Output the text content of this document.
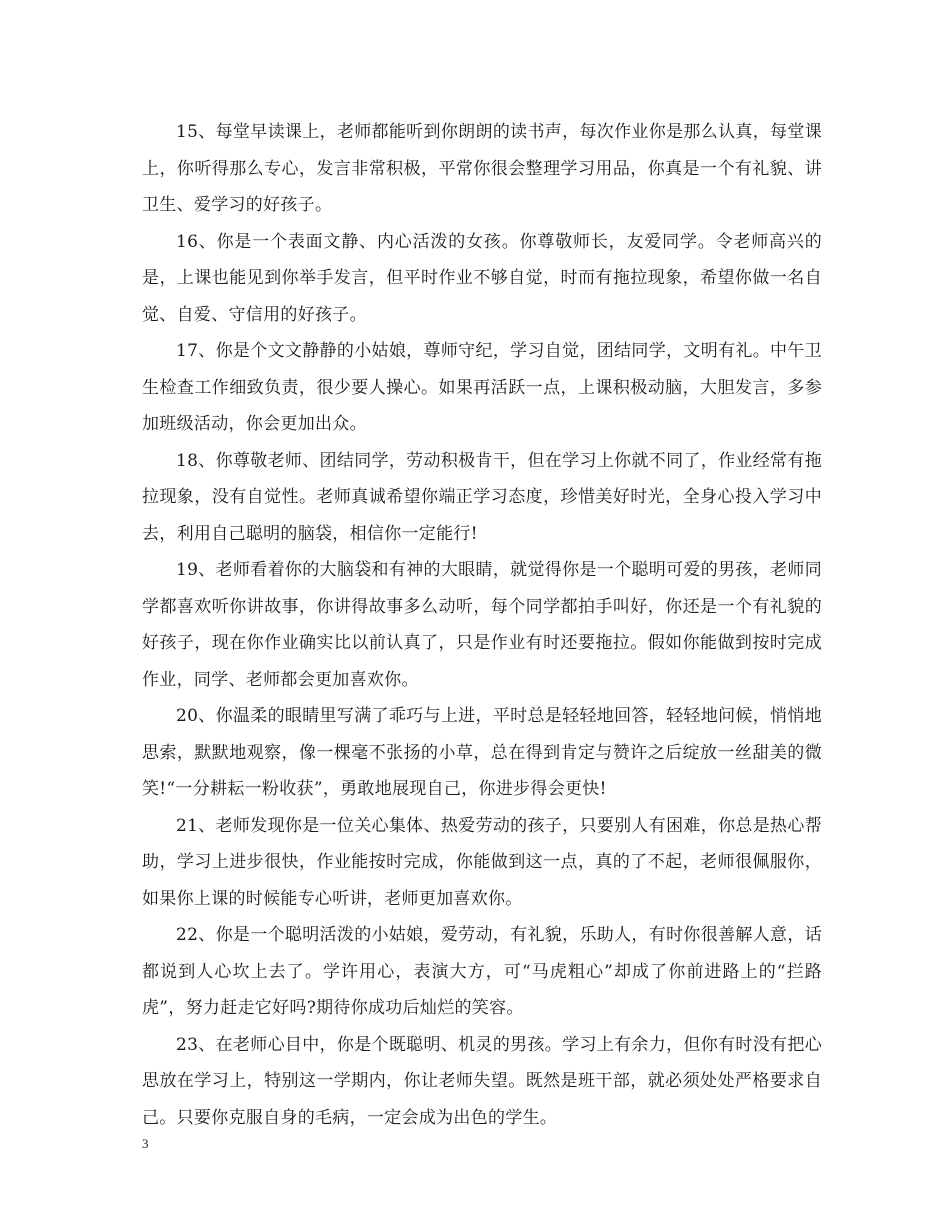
15、每堂早读课上，老师都能听到你朗朗的读书声，每次作业你是那么认真，每堂课上，你听得那么专心，发言非常积极，平常你很会整理学习用品，你真是一个有礼貌、讲卫生、爱学习的好孩子。

16、你是一个表面文静、内心活泼的女孩。你尊敬师长，友爱同学。令老师高兴的是，上课也能见到你举手发言，但平时作业不够自觉，时而有拖拉现象，希望你做一名自觉、自爱、守信用的好孩子。

17、你是个文文静静的小姑娘，尊师守纪，学习自觉，团结同学，文明有礼。中午卫生检查工作细致负责，很少要人操心。如果再活跃一点，上课积极动脑，大胆发言，多参加班级活动，你会更加出众。

18、你尊敬老师、团结同学，劳动积极肯干，但在学习上你就不同了，作业经常有拖拉现象，没有自觉性。老师真诚希望你端正学习态度，珍惜美好时光，全身心投入学习中去，利用自己聪明的脑袋，相信你一定能行!

19、老师看着你的大脑袋和有神的大眼睛，就觉得你是一个聪明可爱的男孩，老师同学都喜欢听你讲故事，你讲得故事多么动听，每个同学都拍手叫好，你还是一个有礼貌的好孩子，现在你作业确实比以前认真了，只是作业有时还要拖拉。假如你能做到按时完成作业，同学、老师都会更加喜欢你。

20、你温柔的眼睛里写满了乖巧与上进，平时总是轻轻地回答，轻轻地问候，悄悄地思索，默默地观察，像一棵毫不张扬的小草，总在得到肯定与赞许之后绽放一丝甜美的微笑!“一分耕耘一粉收获”，勇敢地展现自己，你进步得会更快!

21、老师发现你是一位关心集体、热爱劳动的孩子，只要别人有困难，你总是热心帮助，学习上进步很快，作业能按时完成，你能做到这一点，真的了不起，老师很佩服你，如果你上课的时候能专心听讲，老师更加喜欢你。

22、你是一个聪明活泼的小姑娘，爱劳动，有礼貌，乐助人，有时你很善解人意，话都说到人心坎上去了。学许用心，表演大方，可“马虎粗心”却成了你前进路上的“拦路虎”，努力赶走它好吗?期待你成功后灿烂的笑容。

23、在老师心目中，你是个既聪明、机灵的男孩。学习上有余力，但你有时没有把心思放在学习上，特别这一学期内，你让老师失望。既然是班干部，就必须处处严格要求自己。只要你克服自身的毛病，一定会成为出色的学生。

3
